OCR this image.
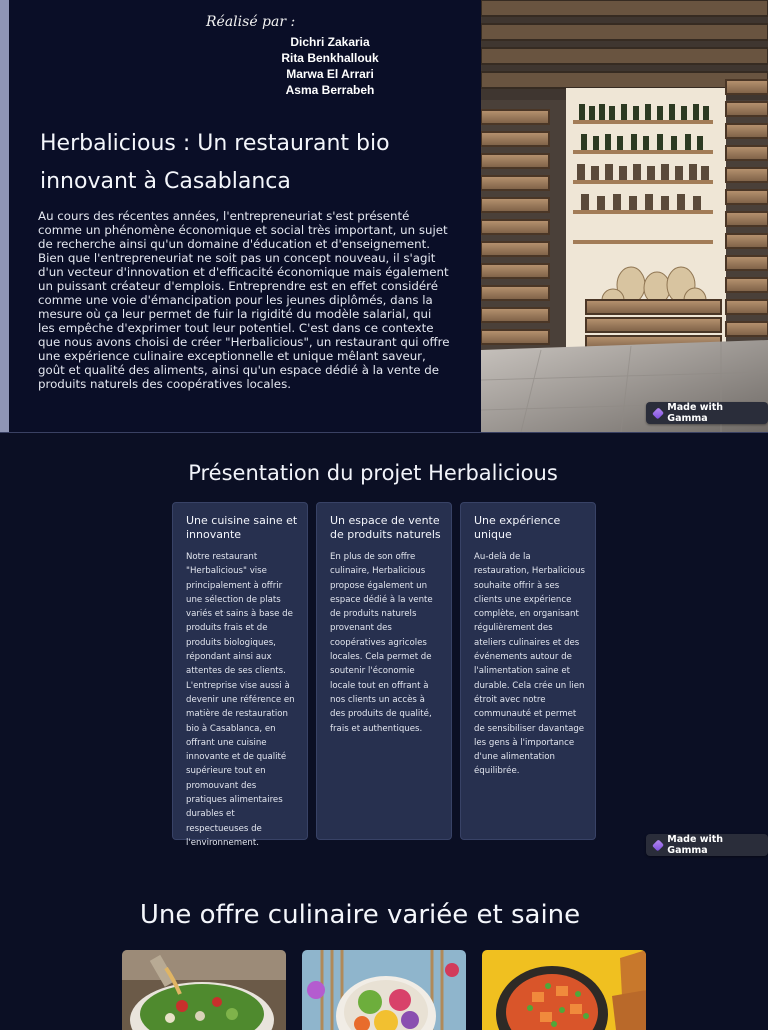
Réalisé par :
Dichri Zakaria
Rita Benkhallouk
Marwa El Arrari
Asma Berrabeh
Herbalicious : Un restaurant bio innovant à Casablanca

Au cours des récentes années, l'entrepreneuriat s'est présenté comme un phénomène économique et social très important, un sujet de recherche ainsi qu'un domaine d'éducation et d'enseignement. Bien que l'entrepreneuriat ne soit pas un concept nouveau, il s'agit d'un vecteur d'innovation et d'efficacité économique mais également un puissant créateur d'emplois. Entreprendre est en effet considéré comme une voie d'émancipation pour les jeunes diplômés, dans la mesure où ça leur permet de fuir la rigidité du modèle salarial, qui les empêche d'exprimer tout leur potentiel. C'est dans ce contexte que nous avons choisi de créer "Herbalicious", un restaurant qui offre une expérience culinaire exceptionnelle et unique mêlant saveur, goût et qualité des aliments, ainsi qu'un espace dédié à la vente de produits naturels des coopératives locales.

Made with Gamma
Présentation du projet Herbalicious
Une cuisine saine et innovante

Notre restaurant "Herbalicious" vise principalement à offrir une sélection de plats variés et sains à base de produits frais et de produits biologiques, répondant ainsi aux attentes de ses clients. L'entreprise vise aussi à devenir une référence en matière de restauration bio à Casablanca, en offrant une cuisine innovante et de qualité supérieure tout en promouvant des pratiques alimentaires durables et respectueuses de l'environnement.

Un espace de vente de produits naturels

En plus de son offre culinaire, Herbalicious propose également un espace dédié à la vente de produits naturels provenant des coopératives agricoles locales. Cela permet de soutenir l'économie locale tout en offrant à nos clients un accès à des produits de qualité, frais et authentiques.

Une expérience unique

Au-delà de la restauration, Herbalicious souhaite offrir à ses clients une expérience complète, en organisant régulièrement des ateliers culinaires et des événements autour de l'alimentation saine et durable. Cela crée un lien étroit avec notre communauté et permet de sensibiliser davantage les gens à l'importance d'une alimentation équilibrée.

Made with Gamma
Une offre culinaire variée et saine
